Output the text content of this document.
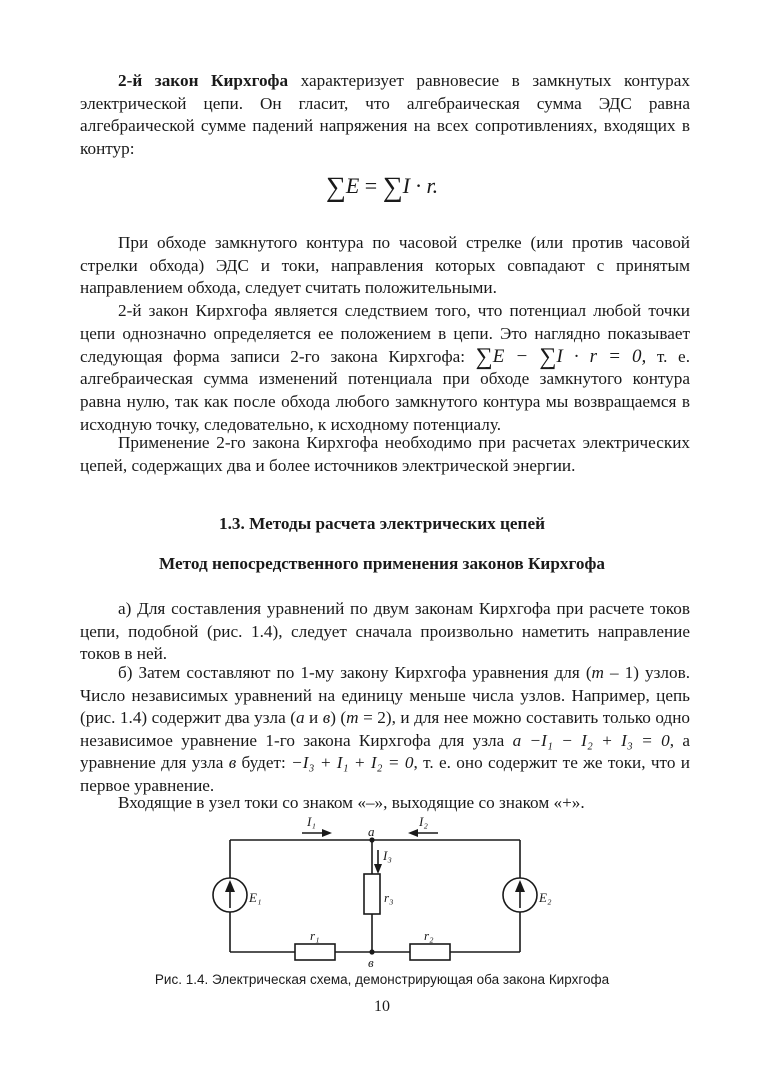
2-й закон Кирхгофа характеризует равновесие в замкнутых контурах электрической цепи. Он гласит, что алгебраическая сумма ЭДС равна алгебраической сумме падений напряжения на всех сопротивлениях, входящих в контур:

∑E = ∑I · r.

При обходе замкнутого контура по часовой стрелке (или против часовой стрелки обхода) ЭДС и токи, направления которых совпадают с принятым направлением обхода, следует считать положительными.

2-й закон Кирхгофа является следствием того, что потенциал любой точки цепи однозначно определяется ее положением в цепи. Это наглядно показывает следующая форма записи 2-го закона Кирхгофа: ∑E − ∑I · r = 0, т. е. алгебраическая сумма изменений потенциала при обходе замкнутого контура равна нулю, так как после обхода любого замкнутого контура мы возвращаемся в исходную точку, следовательно, к исходному потенциалу.

Применение 2-го закона Кирхгофа необходимо при расчетах электрических цепей, содержащих два и более источников электрической энергии.

1.3. Методы расчета электрических цепей

Метод непосредственного применения законов Кирхгофа

а) Для составления уравнений по двум законам Кирхгофа при расчете токов цепи, подобной (рис. 1.4), следует сначала произвольно наметить направление токов в ней.

б) Затем составляют по 1-му закону Кирхгофа уравнения для (m – 1) узлов. Число независимых уравнений на единицу меньше числа узлов. Например, цепь (рис. 1.4) содержит два узла (а и в) (m = 2), и для нее можно составить только одно независимое уравнение 1-го закона Кирхгофа для узла а −I₁ − I₂ + I₃ = 0, а уравнение для узла в будет: −I₃ + I₁ + I₂ = 0, т. е. оно содержит те же токи, что и первое уравнение.

Входящие в узел токи со знаком «–», выходящие со знаком «+».

I₁	I₂
I₃
E₁	E₂
r₁	r₂
r₃
a
в

Рис. 1.4. Электрическая схема, демонстрирующая оба закона Кирхгофа

10
